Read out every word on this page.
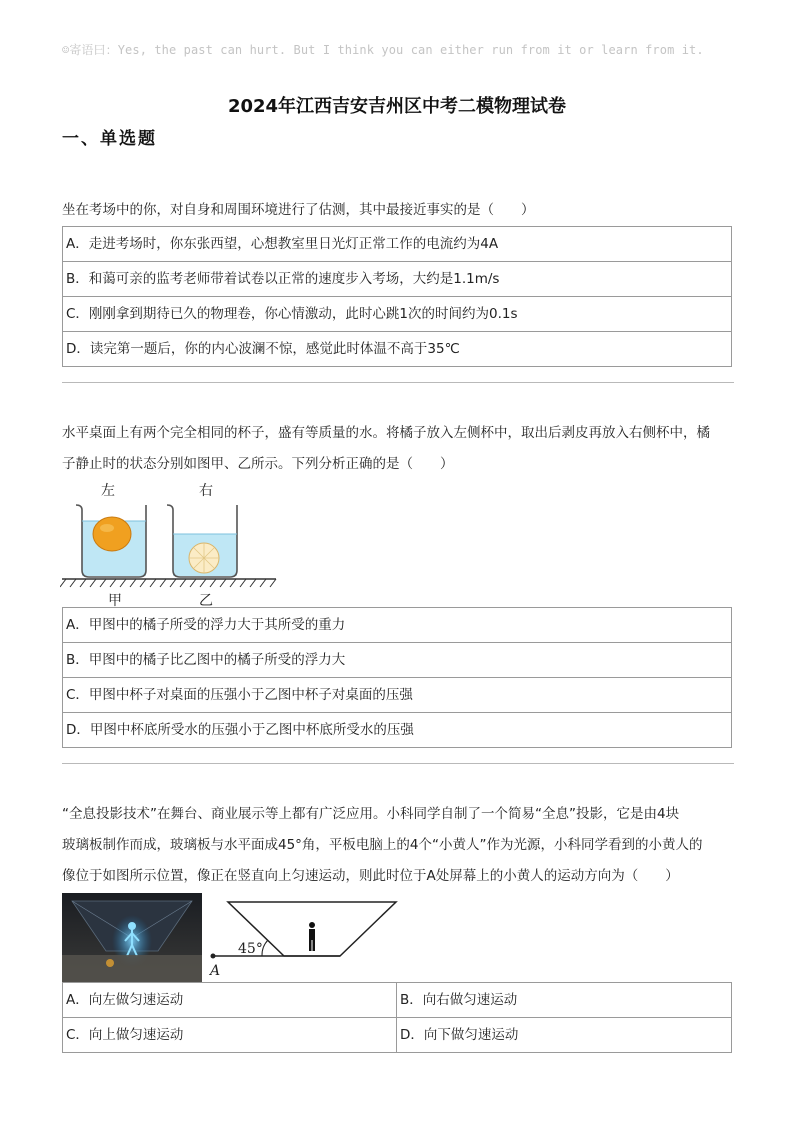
☺寄语曰：Yes, the past can hurt. But I think you can either run from it or learn from it.
2024年江西吉安吉州区中考二模物理试卷
一、单选题
坐在考场中的你，对自身和周围环境进行了估测，其中最接近事实的是（　　）
A．走进考场时，你东张西望，心想教室里日光灯正常工作的电流约为4A
B．和蔼可亲的监考老师带着试卷以正常的速度步入考场，大约是1.1m/s
C．刚刚拿到期待已久的物理卷，你心情激动，此时心跳1次的时间约为0.1s
D．读完第一题后，你的内心波澜不惊，感觉此时体温不高于35℃
水平桌面上有两个完全相同的杯子，盛有等质量的水。将橘子放入左侧杯中，取出后剥皮再放入右侧杯中，橘
子静止时的状态分别如图甲、乙所示。下列分析正确的是（　　）
左	右
甲	乙
A．甲图中的橘子所受的浮力大于其所受的重力
B．甲图中的橘子比乙图中的橘子所受的浮力大
C．甲图中杯子对桌面的压强小于乙图中杯子对桌面的压强
D．甲图中杯底所受水的压强小于乙图中杯底所受水的压强
“全息投影技术”在舞台、商业展示等上都有广泛应用。小科同学自制了一个简易“全息”投影，它是由4块
玻璃板制作而成，玻璃板与水平面成45°角，平板电脑上的4个“小黄人”作为光源，小科同学看到的小黄人的
像位于如图所示位置，像正在竖直向上匀速运动，则此时位于A处屏幕上的小黄人的运动方向为（　　）
45°
A
A．向左做匀速运动	B．向右做匀速运动
C．向上做匀速运动	D．向下做匀速运动
